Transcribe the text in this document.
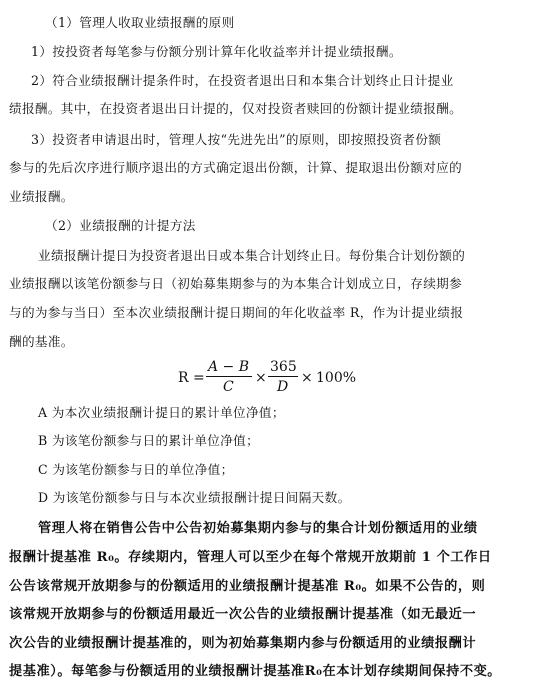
（1）管理人收取业绩报酬的原则
1）按投资者每笔参与份额分别计算年化收益率并计提业绩报酬。
2）符合业绩报酬计提条件时，在投资者退出日和本集合计划终止日计提业
绩报酬。其中，在投资者退出日计提的，仅对投资者赎回的份额计提业绩报酬。
3）投资者申请退出时，管理人按“先进先出”的原则，即按照投资者份额
参与的先后次序进行顺序退出的方式确定退出份额，计算、提取退出份额对应的
业绩报酬。
（2）业绩报酬的计提方法
业绩报酬计提日为投资者退出日或本集合计划终止日。每份集合计划份额的
业绩报酬以该笔份额参与日（初始募集期参与的为本集合计划成立日，存续期参
与的为参与当日）至本次业绩报酬计提日期间的年化收益率 R，作为计提业绩报
酬的基准。
R =
A − B
C
×
365
D
× 100%
A 为本次业绩报酬计提日的累计单位净值；
B 为该笔份额参与日的累计单位净值；
C 为该笔份额参与日的单位净值；
D 为该笔份额参与日与本次业绩报酬计提日间隔天数。
管理人将在销售公告中公告初始募集期内参与的集合计划份额适用的业绩
报酬计提基准 R₀。存续期内，管理人可以至少在每个常规开放期前 1 个工作日
公告该常规开放期参与的份额适用的业绩报酬计提基准 R₀。如果不公告的，则
该常规开放期参与的份额适用最近一次公告的业绩报酬计提基准（如无最近一
次公告的业绩报酬计提基准的，则为初始募集期内参与份额适用的业绩报酬计
提基准）。每笔参与份额适用的业绩报酬计提基准R₀在本计划存续期间保持不变。
